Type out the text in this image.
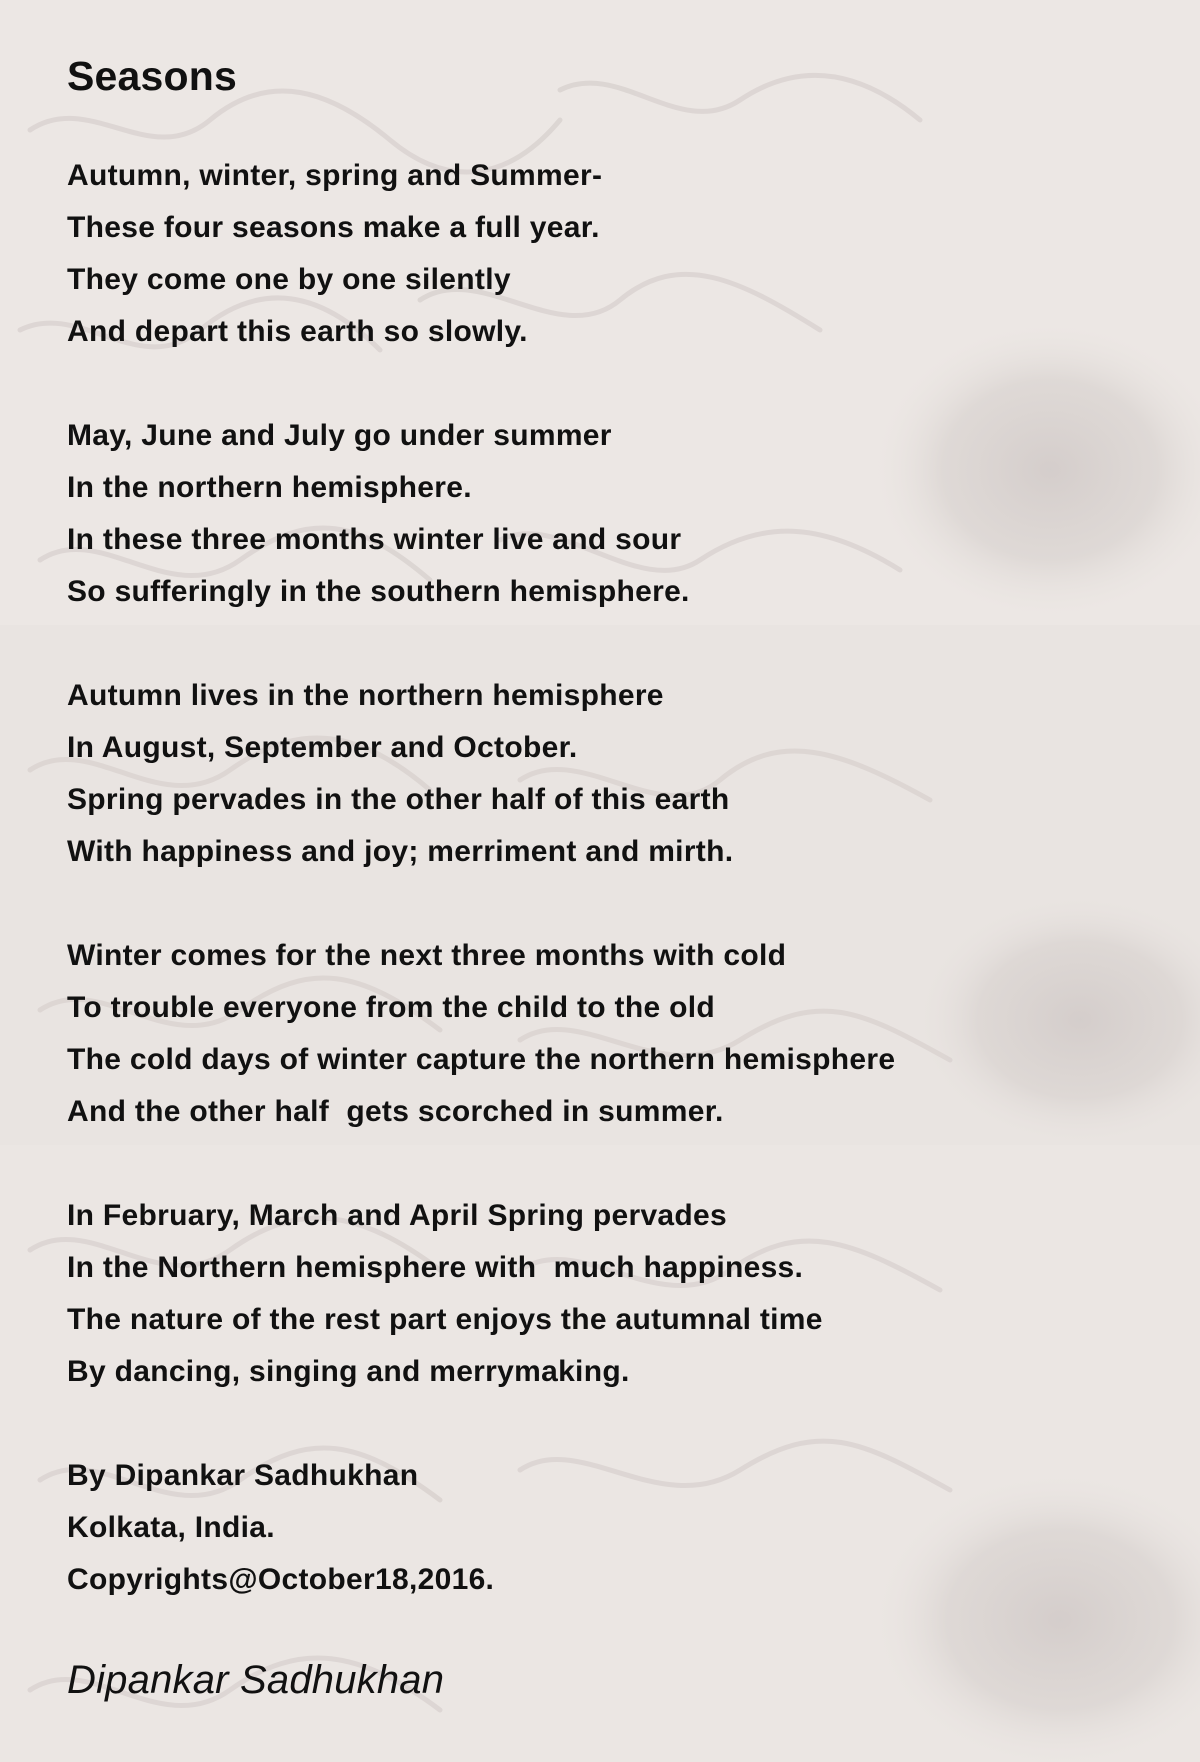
Seasons
Autumn, winter, spring and Summer-
These four seasons make a full year.
They come one by one silently
And depart this earth so slowly.
May, June and July go under summer
In the northern hemisphere.
In these three months winter live and sour
So sufferingly in the southern hemisphere.
Autumn lives in the northern hemisphere
In August, September and October.
Spring pervades in the other half of this earth
With happiness and joy; merriment and mirth.
Winter comes for the next three months with cold
To trouble everyone from the child to the old
The cold days of winter capture the northern hemisphere
And the other half  gets scorched in summer.
In February, March and April Spring pervades
In the Northern hemisphere with  much happiness.
The nature of the rest part enjoys the autumnal time
By dancing, singing and merrymaking.
By Dipankar Sadhukhan
Kolkata, India.
Copyrights@October18,2016.
Dipankar Sadhukhan
